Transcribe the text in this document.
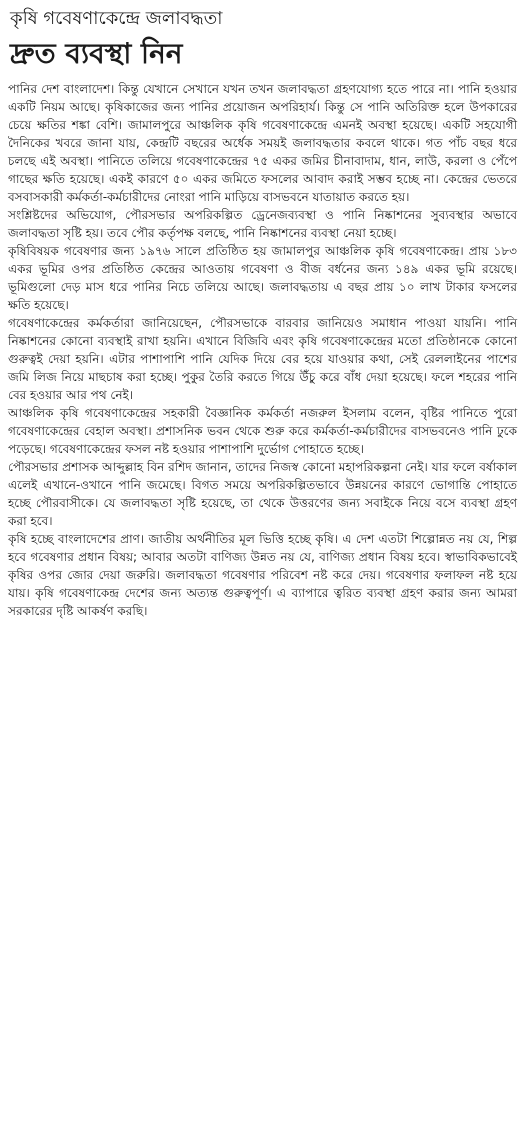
কৃষি গবেষণাকেন্দ্রে জলাবদ্ধতা
দ্রুত ব্যবস্থা নিন

পানির দেশ বাংলাদেশ। কিন্তু যেখানে সেখানে যখন তখন জলাবদ্ধতা গ্রহণযোগ্য হতে পারে না। পানি হওয়ার একটি নিয়ম আছে। কৃষিকাজের জন্য পানির প্রয়োজন অপরিহার্য। কিন্তু সে পানি অতিরিক্ত হলে উপকারের চেয়ে ক্ষতির শঙ্কা বেশি। জামালপুরে আঞ্চলিক কৃষি গবেষণাকেন্দ্রে এমনই অবস্থা হয়েছে। একটি সহযোগী দৈনিকের খবরে জানা যায়, কেন্দ্রটি বছরের অর্ধেক সময়ই জলাবদ্ধতার কবলে থাকে। গত পাঁচ বছর ধরে চলছে এই অবস্থা। পানিতে তলিয়ে গবেষণাকেন্দ্রের ৭৫ একর জমির চীনাবাদাম, ধান, লাউ, করলা ও পেঁপে গাছের ক্ষতি হয়েছে। একই কারণে ৫০ একর জমিতে ফসলের আবাদ করাই সম্ভব হচ্ছে না। কেন্দ্রের ভেতরে বসবাসকারী কর্মকর্তা-কর্মচারীদের নোংরা পানি মাড়িয়ে বাসভবনে যাতায়াত করতে হয়।

সংশ্লিষ্টদের অভিযোগ, পৌরসভার অপরিকল্পিত ড্রেনেজব্যবস্থা ও পানি নিষ্কাশনের সুব্যবস্থার অভাবে জলাবদ্ধতা সৃষ্টি হয়। তবে পৌর কর্তৃপক্ষ বলছে, পানি নিষ্কাশনের ব্যবস্থা নেয়া হচ্ছে।

কৃষিবিষয়ক গবেষণার জন্য ১৯৭৬ সালে প্রতিষ্ঠিত হয় জামালপুর আঞ্চলিক কৃষি গবেষণাকেন্দ্র। প্রায় ১৮৩ একর ভূমির ওপর প্রতিষ্ঠিত কেন্দ্রের আওতায় গবেষণা ও বীজ বর্ধনের জন্য ১৪৯ একর ভূমি রয়েছে। ভূমিগুলো দেড় মাস ধরে পানির নিচে তলিয়ে আছে। জলাবদ্ধতায় এ বছর প্রায় ১০ লাখ টাকার ফসলের ক্ষতি হয়েছে।

গবেষণাকেন্দ্রের কর্মকর্তারা জানিয়েছেন, পৌরসভাকে বারবার জানিয়েও সমাধান পাওয়া যায়নি। পানি নিষ্কাশনের কোনো ব্যবস্থাই রাখা হয়নি। এখানে বিজিবি এবং কৃষি গবেষণাকেন্দ্রের মতো প্রতিষ্ঠানকে কোনো গুরুত্বই দেয়া হয়নি। এটার পাশাপাশি পানি যেদিক দিয়ে বের হয়ে যাওয়ার কথা, সেই রেললাইনের পাশের জমি লিজ নিয়ে মাছচাষ করা হচ্ছে। পুকুর তৈরি করতে গিয়ে উঁচু করে বাঁধ দেয়া হয়েছে। ফলে শহরের পানি বের হওয়ার আর পথ নেই।

আঞ্চলিক কৃষি গবেষণাকেন্দ্রের সহকারী বৈজ্ঞানিক কর্মকর্তা নজরুল ইসলাম বলেন, বৃষ্টির পানিতে পুরো গবেষণাকেন্দ্রের বেহাল অবস্থা। প্রশাসনিক ভবন থেকে শুরু করে কর্মকর্তা-কর্মচারীদের বাসভবনেও পানি ঢুকে পড়েছে। গবেষণাকেন্দ্রের ফসল নষ্ট হওয়ার পাশাপাশি দুর্ভোগ পোহাতে হচ্ছে।

পৌরসভার প্রশাসক আব্দুল্লাহ বিন রশিদ জানান, তাদের নিজস্ব কোনো মহাপরিকল্পনা নেই। যার ফলে বর্ষাকাল এলেই এখানে-ওখানে পানি জমেছে। বিগত সময়ে অপরিকল্পিতভাবে উন্নয়নের কারণে ভোগান্তি পোহাতে হচ্ছে পৌরবাসীকে। যে জলাবদ্ধতা সৃষ্টি হয়েছে, তা থেকে উত্তরণের জন্য সবাইকে নিয়ে বসে ব্যবস্থা গ্রহণ করা হবে।

কৃষি হচ্ছে বাংলাদেশের প্রাণ। জাতীয় অর্থনীতির মূল ভিত্তি হচ্ছে কৃষি। এ দেশ এতটা শিল্পোন্নত নয় যে, শিল্প হবে গবেষণার প্রধান বিষয়; আবার অতটা বাণিজ্য উন্নত নয় যে, বাণিজ্য প্রধান বিষয় হবে। স্বাভাবিকভাবেই কৃষির ওপর জোর দেয়া জরুরি। জলাবদ্ধতা গবেষণার পরিবেশ নষ্ট করে দেয়। গবেষণার ফলাফল নষ্ট হয়ে যায়। কৃষি গবেষণাকেন্দ্র দেশের জন্য অত্যন্ত গুরুত্বপূর্ণ। এ ব্যাপারে ত্বরিত ব্যবস্থা গ্রহণ করার জন্য আমরা সরকারের দৃষ্টি আকর্ষণ করছি।
